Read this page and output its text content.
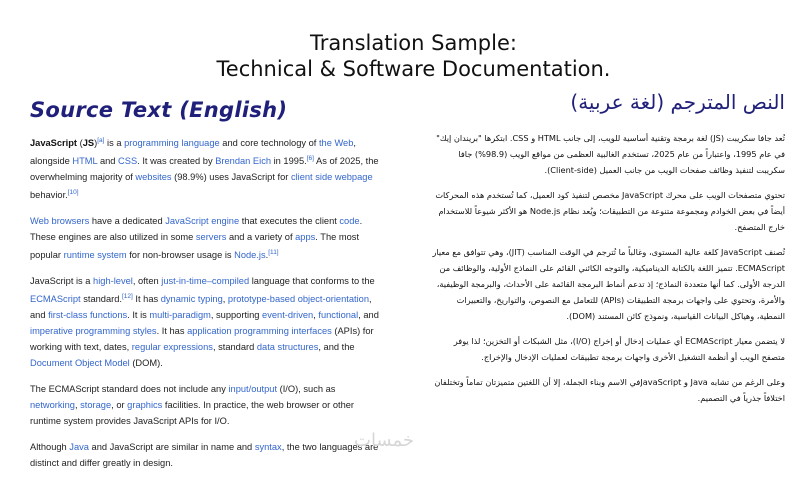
Translation Sample:
Technical & Software Documentation.
Source Text (English)

JavaScript (JS)[a] is a programming language and core technology of the Web, alongside HTML and CSS. It was created by Brendan Eich in 1995.[6] As of 2025, the overwhelming majority of websites (98.9%) uses JavaScript for client side webpage behavior.[10]

Web browsers have a dedicated JavaScript engine that executes the client code. These engines are also utilized in some servers and a variety of apps. The most popular runtime system for non-browser usage is Node.js.[11]

JavaScript is a high-level, often just-in-time–compiled language that conforms to the ECMAScript standard.[12] It has dynamic typing, prototype-based object-orientation, and first-class functions. It is multi-paradigm, supporting event-driven, functional, and imperative programming styles. It has application programming interfaces (APIs) for working with text, dates, regular expressions, standard data structures, and the Document Object Model (DOM).

The ECMAScript standard does not include any input/output (I/O), such as networking, storage, or graphics facilities. In practice, the web browser or other runtime system provides JavaScript APIs for I/O.

Although Java and JavaScript are similar in name and syntax, the two languages are distinct and differ greatly in design.

النص المترجم (لغة عربية)

تُعد جافا سكريبت (JS) لغة برمجة وتقنية أساسية للويب، إلى جانب HTML و CSS. ابتكرها "بريندان إيك" في عام 1995، واعتباراً من عام 2025، تستخدم الغالبية العظمى من مواقع الويب (98.9%) جافا سكريبت لتنفيذ وظائف صفحات الويب من جانب العميل (Client-side).

تحتوي متصفحات الويب على محرك JavaScript مخصص لتنفيذ كود العميل، كما تُستخدم هذه المحركات أيضاً في بعض الخوادم ومجموعة متنوعة من التطبيقات؛ ويُعد نظام Node.js هو الأكثر شيوعاً للاستخدام خارج المتصفح.

تُصنف JavaScript كلغة عالية المستوى، وغالباً ما تُترجم في الوقت المناسب (JIT)، وهي تتوافق مع معيار ECMAScript. تتميز اللغة بالكتابة الديناميكية، والتوجه الكائني القائم على النماذج الأولية، والوظائف من الدرجة الأولى. كما أنها متعددة النماذج؛ إذ تدعم أنماط البرمجة القائمة على الأحداث، والبرمجة الوظيفية، والأمرة، وتحتوي على واجهات برمجة التطبيقات (APIs) للتعامل مع النصوص، والتواريخ، والتعبيرات النمطية، وهياكل البيانات القياسية، ونموذج كائن المستند (DOM).

لا يتضمن معيار ECMAScript أي عمليات إدخال أو إخراج (I/O)، مثل الشبكات أو التخزين؛ لذا يوفر متصفح الويب أو أنظمة التشغيل الأخرى واجهات برمجة تطبيقات لعمليات الإدخال والإخراج.

وعلى الرغم من تشابه Java و JavaScriptفي الاسم وبناء الجملة، إلا أن اللغتين متميزتان تماماً وتختلفان اختلافاً جذرياً في التصميم.

خمسات
